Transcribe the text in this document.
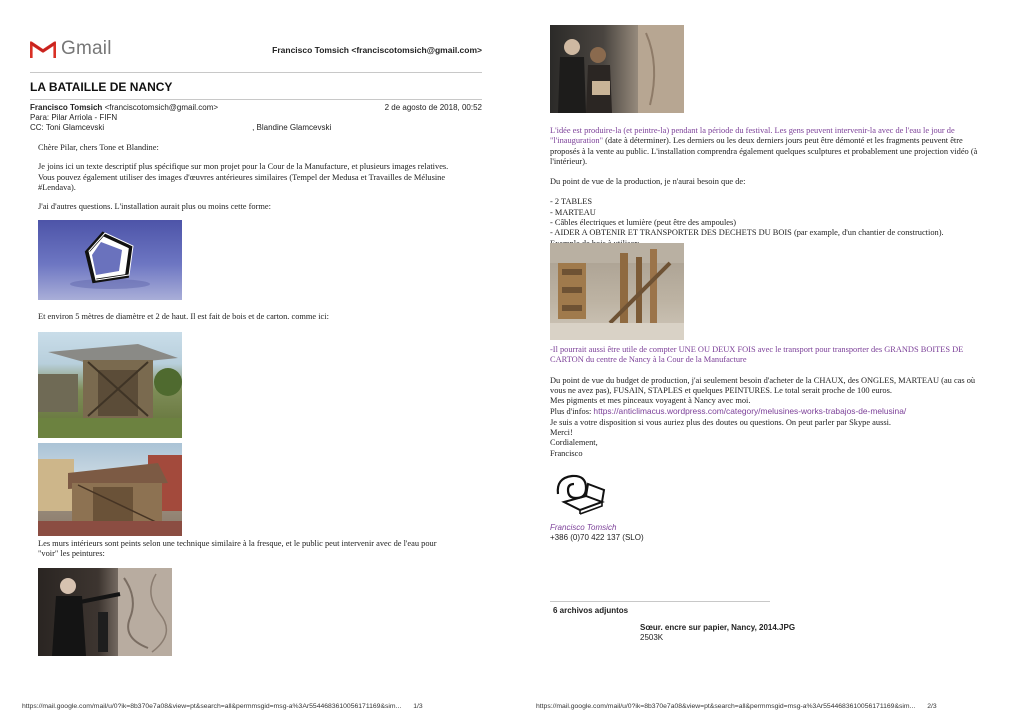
Gmail	Francisco Tomsich <franciscotomsich@gmail.com>
LA BATAILLE DE NANCY
Francisco Tomsich <franciscotomsich@gmail.com>	2 de agosto de 2018, 00:52
Para: Pilar Arriola - FIFN
CC: Toni Glamcevski	, Blandine Glamcevski

Chère Pilar, chers Tone et Blandine:

Je joins ici un texte descriptif plus spécifique sur mon projet pour la Cour de la Manufacture, et plusieurs images relatives. Vous pouvez également utiliser des images d'œuvres antérieures similaires (Tempel der Medusa et Travailles de Mélusine #Lendava).

J'ai d'autres questions. L'installation aurait plus ou moins cette forme:

Et environ 5 mètres de diamètre et 2 de haut. Il est fait de bois et de carton. comme ici:

Les murs intérieurs sont peints selon une technique similaire à la fresque, et le public peut intervenir avec de l'eau pour "voir" les peintures:

https://mail.google.com/mail/u/0?ik=8b370e7a08&view=pt&search=all&permmsgid=msg-a%3Ar5544683610056171169&sim... 1/3

L'idée est produire-la (et peintre-la) pendant la période du festival. Les gens peuvent intervenir-la avec de l'eau le jour de "l'inauguration" (date à déterminer). Les derniers ou les deux derniers jours peut être démonté et les fragments peuvent être proposés à la vente au public. L'installation comprendra également quelques sculptures et probablement une projection vidéo (à l'intérieur).

Du point de vue de la production, je n'aurai besoin que de:

- 2 TABLES

- MARTEAU

- Câbles électriques et lumière (peut être des ampoules)

- AIDER A OBTENIR ET TRANSPORTER DES DECHETS DU BOIS (par example, d'un chantier de construction).

-Il pourrait aussi être utile de compter UNE OU DEUX FOIS avec le transport pour transporter des GRANDS BOITES DE CARTON du centre de Nancy à la Cour de la Manufacture

Du point de vue du budget de production, j'ai seulement besoin d'acheter de la CHAUX, des ONGLES, MARTEAU (au cas où vous ne avez pas), FUSAIN, STAPLES et quelques PEINTURES. Le total serait proche de 100 euros.

Mes pigments et mes pinceaux voyagent à Nancy avec moi.

Plus d'infos: https://anticlimacus.wordpress.com/category/melusines-works-trabajos-de-melusina/

Je suis a votre disposition si vous auriez plus des doutes ou questions. On peut parler par Skype aussi.

Merci!

Cordialement,

Francisco

Francisco Tomsich

+386 (0)70 422 137 (SLO)

6 archivos adjuntos
Sœur. encre sur papier, Nancy, 2014.JPG
2503K
https://mail.google.com/mail/u/0?ik=8b370e7a08&view=pt&search=all&permmsgid=msg-a%3Ar5544683610056171169&sim... 2/3
